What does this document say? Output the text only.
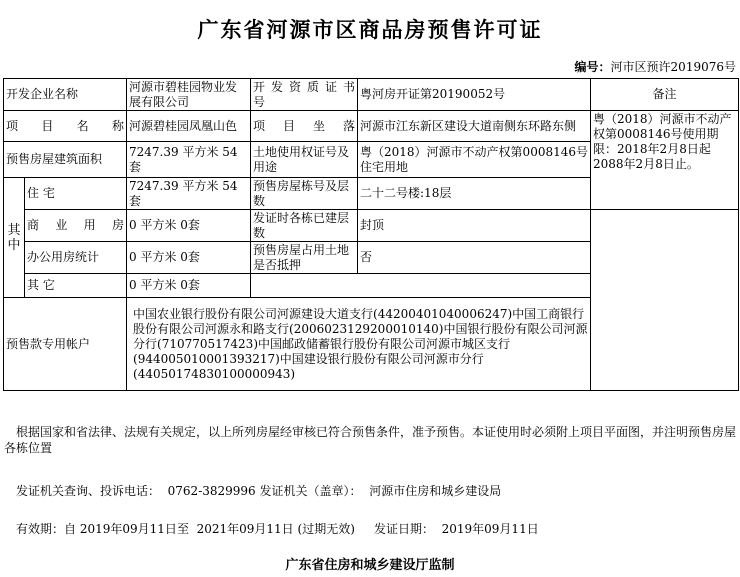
广东省河源市区商品房预售许可证
编号：河市区预许2019076号
开发企业名称		河源市碧桂园物业发展有限公司	开 发 资 质 证 书 号	粤河房开证第20190052号	备注
项 目 名 称		河源碧桂园凤凰山色	项 目 坐 落	河源市江东新区建设大道南侧东环路东侧	粤（2018）河源市不动产权第0008146号使用期限：2018年2月8日起2088年2月8日止。
预售房屋建筑面积		7247.39 平方米 54套	土地使用权证号及用途	粤（2018）河源市不动产权第0008146号 住宅用地	
其中	住 宅	7247.39 平方米 54套	预售房屋栋号及层数	二十二号楼:18层	
	商 业 用 房	0 平方米 0套	发证时各栋已建层数	封顶	
	办公用房统计	0 平方米 0套	预售房屋占用土地是否抵押	否	
	其 它	0 平方米 0套			
预售款专用帐户		中国农业银行股份有限公司河源建设大道支行(44200401040006247)中国工商银行股份有限公司河源永和路支行(2006023129200010140)中国银行股份有限公司河源分行(710770517423)中国邮政储蓄银行股份有限公司河源市城区支行(944005010001393217)中国建设银行股份有限公司河源市分行(44050174830100000943)			
根据国家和省法律、法规有关规定，以上所列房屋经审核已符合预售条件，准予预售。本证使用时必须附上项目平面图，并注明预售房屋各栋位置
发证机关查询、投诉电话： 0762-3829996 发证机关（盖章）： 河源市住房和城乡建设局
有效期：自 2019年09月11日至 2021年09月11日 (过期无效) 发证日期： 2019年09月11日
广东省住房和城乡建设厅监制
